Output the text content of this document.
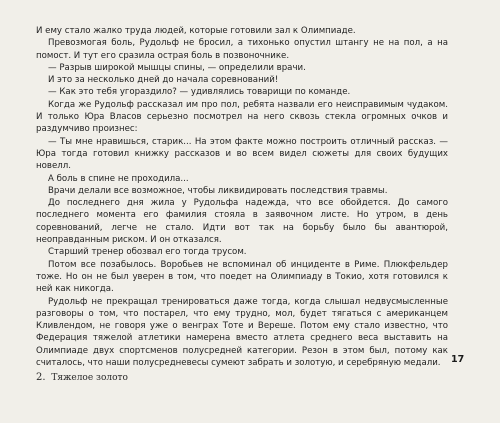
И ему стало жалко труда людей, которые готовили зал к Олимпиаде.

Превозмогая боль, Рудольф не бросил, а тихонько опустил штангу не на пол, а на помост. И тут его сразила острая боль в позвоночнике.

— Разрыв широкой мышцы спины, — определили врачи.

И это за несколько дней до начала соревнований!

— Как это тебя угораздило? — удивлялись товарищи по команде.

Когда же Рудольф рассказал им про пол, ребята назвали его неисправимым чудаком. И только Юра Власов серьезно посмотрел на него сквозь стекла огромных очков и раздумчиво произнес:

— Ты мне нравишься, старик... На этом факте можно построить отличный рассказ. — Юра тогда готовил книжку рассказов и во всем видел сюжеты для своих будущих новелл.

А боль в спине не проходила...

Врачи делали все возможное, чтобы ликвидировать последствия травмы.

До последнего дня жила у Рудольфа надежда, что все обойдется. До самого последнего момента его фамилия стояла в заявочном листе. Но утром, в день соревнований, легче не стало. Идти вот так на борьбу было бы авантюрой, неоправданным риском. И он отказался.

Старший тренер обозвал его тогда трусом.

Потом все позабылось. Воробьев не вспоминал об инциденте в Риме. Плюкфельдер тоже. Но он не был уверен в том, что поедет на Олимпиаду в Токио, хотя готовился к ней как никогда.

Рудольф не прекращал тренироваться даже тогда, когда слышал недвусмысленные разговоры о том, что постарел, что ему трудно, мол, будет тягаться с американцем Кливлендом, не говоря уже о венграх Тоте и Вереше. Потом ему стало известно, что Федерация тяжелой атлетики намерена вместо атлета среднего веса выставить на Олимпиаде двух спортсменов полусредней категории. Резон в этом был, потому как считалось, что наши полусредневесы сумеют забрать и золотую, и серебряную медали.	17
2. Тяжелое золото
